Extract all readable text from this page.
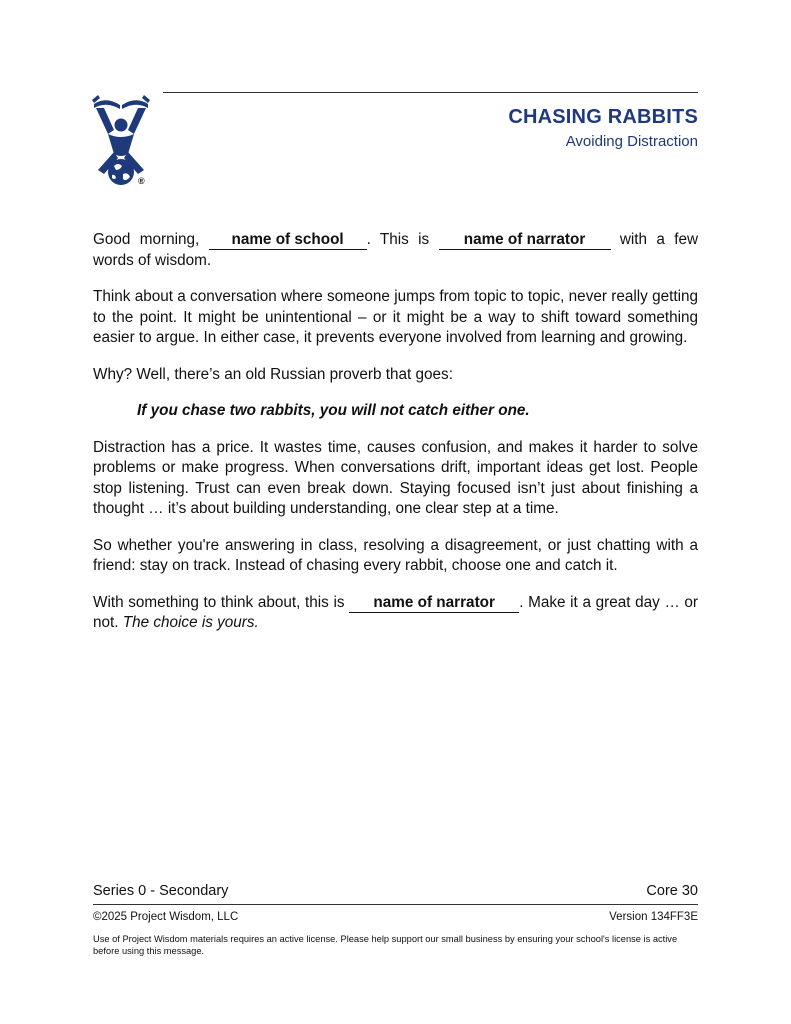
®
CHASING RABBITS
Avoiding Distraction

Good morning, name of school . This is name of narrator with a few words of wisdom.

Think about a conversation where someone jumps from topic to topic, never really getting to the point. It might be unintentional – or it might be a way to shift toward something easier to argue. In either case, it prevents everyone involved from learning and growing.

Why? Well, there’s an old Russian proverb that goes:

If you chase two rabbits, you will not catch either one.

Distraction has a price. It wastes time, causes confusion, and makes it harder to solve problems or make progress. When conversations drift, important ideas get lost. People stop listening. Trust can even break down. Staying focused isn’t just about finishing a thought … it’s about building understanding, one clear step at a time.

So whether you're answering in class, resolving a disagreement, or just chatting with a friend: stay on track. Instead of chasing every rabbit, choose one and catch it.

With something to think about, this is name of narrator . Make it a great day … or not. The choice is yours.

Series 0 - Secondary	Core 30
©2025 Project Wisdom, LLC	Version 134FF3E
Use of Project Wisdom materials requires an active license. Please help support our small business by ensuring your school's license is active before using this message.
